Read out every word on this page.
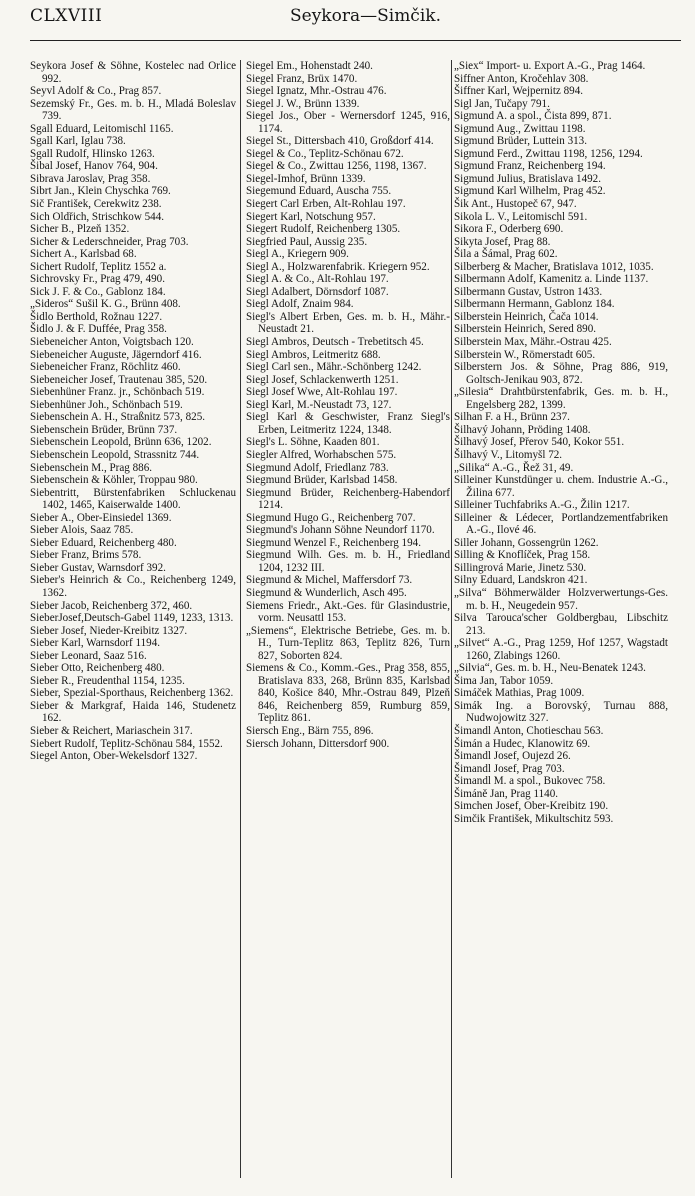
CLXVIII	Seykora—Simčik.

Seykora Josef & Söhne, Kostelec nad Orlice 992.

Seyvl Adolf & Co., Prag 857.

Sezemský Fr., Ges. m. b. H., Mladá Boleslav 739.

Sgall Eduard, Leitomischl 1165.

Sgall Karl, Iglau 738.

Sgall Rudolf, Hlinsko 1263.

Šibal Josef, Hanov 764, 904.

Sibrava Jaroslav, Prag 358.

Sibrt Jan., Klein Chyschka 769.

Sič František, Cerekwitz 238.

Sich Oldřich, Strischkow 544.

Sicher B., Plzeň 1352.

Sicher & Lederschneider, Prag 703.

Sichert A., Karlsbad 68.

Sichert Rudolf, Teplitz 1552 a.

Sichrovsky Fr., Prag 479, 490.

Sick J. F. & Co., Gablonz 184.

„Sideros“ Sušil K. G., Brünn 408.

Šidlo Berthold, Rožnau 1227.

Šidlo J. & F. Duffée, Prag 358.

Siebeneicher Anton, Voigtsbach 120.

Siebeneicher Auguste, Jägerndorf 416.

Siebeneicher Franz, Röchlitz 460.

Siebeneicher Josef, Trautenau 385, 520.

Siebenhüner Franz. jr., Schönbach 519.

Siebenhüner Joh., Schönbach 519.

Siebenschein A. H., Straßnitz 573, 825.

Siebenschein Brüder, Brünn 737.

Siebenschein Leopold, Brünn 636, 1202.

Siebenschein Leopold, Strassnitz 744.

Siebenschein M., Prag 886.

Siebenschein & Köhler, Troppau 980.

Siebentritt, Bürstenfabriken Schluckenau 1402, 1465, Kaiserwalde 1400.

Sieber A., Ober-Einsiedel 1369.

Sieber Alois, Saaz 785.

Sieber Eduard, Reichenberg 480.

Sieber Franz, Brims 578.

Sieber Gustav, Warnsdorf 392.

Sieber's Heinrich & Co., Reichenberg 1249, 1362.

Sieber Jacob, Reichenberg 372, 460.

SieberJosef,Deutsch-Gabel 1149, 1233, 1313.

Sieber Josef, Nieder-Kreibitz 1327.

Sieber Karl, Warnsdorf 1194.

Sieber Leonard, Saaz 516.

Sieber Otto, Reichenberg 480.

Sieber R., Freudenthal 1154, 1235.

Sieber, Spezial-Sporthaus, Reichenberg 1362.

Sieber & Markgraf, Haida 146, Studenetz 162.

Sieber & Reichert, Mariaschein 317.

Siebert Rudolf, Teplitz-Schönau 584, 1552.

Siegel Anton, Ober-Wekelsdorf 1327.

Siegel Em., Hohenstadt 240.

Siegel Franz, Brüx 1470.

Siegel Ignatz, Mhr.-Ostrau 476.

Siegel J. W., Brünn 1339.

Siegel Jos., Ober - Wernersdorf 1245, 916, 1174.

Siegel St., Dittersbach 410, Großdorf 414.

Siegel & Co., Teplitz-Schönau 672.

Siegel & Co., Zwittau 1256, 1198, 1367.

Siegel-Imhof, Brünn 1339.

Siegemund Eduard, Auscha 755.

Siegert Carl Erben, Alt-Rohlau 197.

Siegert Karl, Notschung 957.

Siegert Rudolf, Reichenberg 1305.

Siegfried Paul, Aussig 235.

Siegl A., Kriegern 909.

Siegl A., Holzwarenfabrik. Kriegern 952.

Siegl A. & Co., Alt-Rohlau 197.

Siegl Adalbert, Dörnsdorf 1087.

Siegl Adolf, Znaim 984.

Siegl's Albert Erben, Ges. m. b. H., Mähr.-Neustadt 21.

Siegl Ambros, Deutsch - Trebetitsch 45.

Siegl Ambros, Leitmeritz 688.

Siegl Carl sen., Mähr.-Schönberg 1242.

Siegl Josef, Schlackenwerth 1251.

Siegl Josef Wwe, Alt-Rohlau 197.

Siegl Karl, M.-Neustadt 73, 127.

Siegl Karl & Geschwister, Franz Siegl's Erben, Leitmeritz 1224, 1348.

Siegl's L. Söhne, Kaaden 801.

Siegler Alfred, Worhabschen 575.

Siegmund Adolf, Friedlanz 783.

Siegmund Brüder, Karlsbad 1458.

Siegmund Brüder, Reichenberg-Habendorf 1214.

Siegmund Hugo G., Reichenberg 707.

Siegmund's Johann Söhne Neundorf 1170.

Siegmund Wenzel F., Reichenberg 194.

Siegmund Wilh. Ges. m. b. H., Friedland 1204, 1232 III.

Siegmund & Michel, Maffersdorf 73.

Siegmund & Wunderlich, Asch 495.

Siemens Friedr., Akt.-Ges. für Glasindustrie, vorm. Neusattl 153.

„Siemens“, Elektrische Betriebe, Ges. m. b. H., Turn-Teplitz 863, Teplitz 826, Turn 827, Soborten 824.

Siemens & Co., Komm.-Ges., Prag 358, 855, Bratislava 833, 268, Brünn 835, Karlsbad 840, Košice 840, Mhr.-Ostrau 849, Plzeň 846, Reichenberg 859, Rumburg 859, Teplitz 861.

Siersch Eng., Bärn 755, 896.

Siersch Johann, Dittersdorf 900.

„Siex“ Import- u. Export A.-G., Prag 1464.

Siffner Anton, Kročehlav 308.

Šiffner Karl, Wejpernitz 894.

Sigl Jan, Tučapy 791.

Sigmund A. a spol., Čista 899, 871.

Sigmund Aug., Zwittau 1198.

Sigmund Brüder, Luttein 313.

Sigmund Ferd., Zwittau 1198, 1256, 1294.

Sigmund Franz, Reichenberg 194.

Sigmund Julius, Bratislava 1492.

Sigmund Karl Wilhelm, Prag 452.

Šik Ant., Hustopeč 67, 947.

Sikola L. V., Leitomischl 591.

Sikora F., Oderberg 690.

Sikyta Josef, Prag 88.

Šila a Šámal, Prag 602.

Silberberg & Macher, Bratislava 1012, 1035.

Silbermann Adolf, Kamenitz a. Linde 1137.

Silbermann Gustav, Ustron 1433.

Silbermann Hermann, Gablonz 184.

Silberstein Heinrich, Čača 1014.

Silberstein Heinrich, Sered 890.

Silberstein Max, Mähr.-Ostrau 425.

Silberstein W., Römerstadt 605.

Silberstern Jos. & Söhne, Prag 886, 919, Goltsch-Jenikau 903, 872.

„Silesia“ Drahtbürstenfabrik, Ges. m. b. H., Engelsberg 282, 1399.

Silhan F. a H., Brünn 237.

Šilhavý Johann, Pröding 1408.

Šilhavý Josef, Přerov 540, Kokor 551.

Šilhavý V., Litomyšl 72.

„Silika“ A.-G., Řež 31, 49.

Silleiner Kunstdünger u. chem. Industrie A.-G., Žilina 677.

Silleiner Tuchfabriks A.-G., Žilin 1217.

Silleiner & Lédecer, Portlandzementfabriken A.-G., Ilové 46.

Siller Johann, Gossengrün 1262.

Silling & Knoflíček, Prag 158.

Sillingrová Marie, Jinetz 530.

Silny Eduard, Landskron 421.

„Silva“ Böhmerwälder Holzverwertungs-Ges. m. b. H., Neugedein 957.

Silva Tarouca'scher Goldbergbau, Libschitz 213.

„Silvet“ A.-G., Prag 1259, Hof 1257, Wagstadt 1260, Zlabings 1260.

„Silvia“, Ges. m. b. H., Neu-Benatek 1243.

Šima Jan, Tabor 1059.

Simáček Mathias, Prag 1009.

Simák Ing. a Borovský, Turnau 888, Nudwojowitz 327.

Šimandl Anton, Chotieschau 563.

Šimán a Hudec, Klanowitz 69.

Šimandl Josef, Oujezd 26.

Šimandl Josef, Prag 703.

Šimandl M. a spol., Bukovec 758.

Šimáně Jan, Prag 1140.

Simchen Josef, Ober-Kreibitz 190.

Simčik František, Mikultschitz 593.
